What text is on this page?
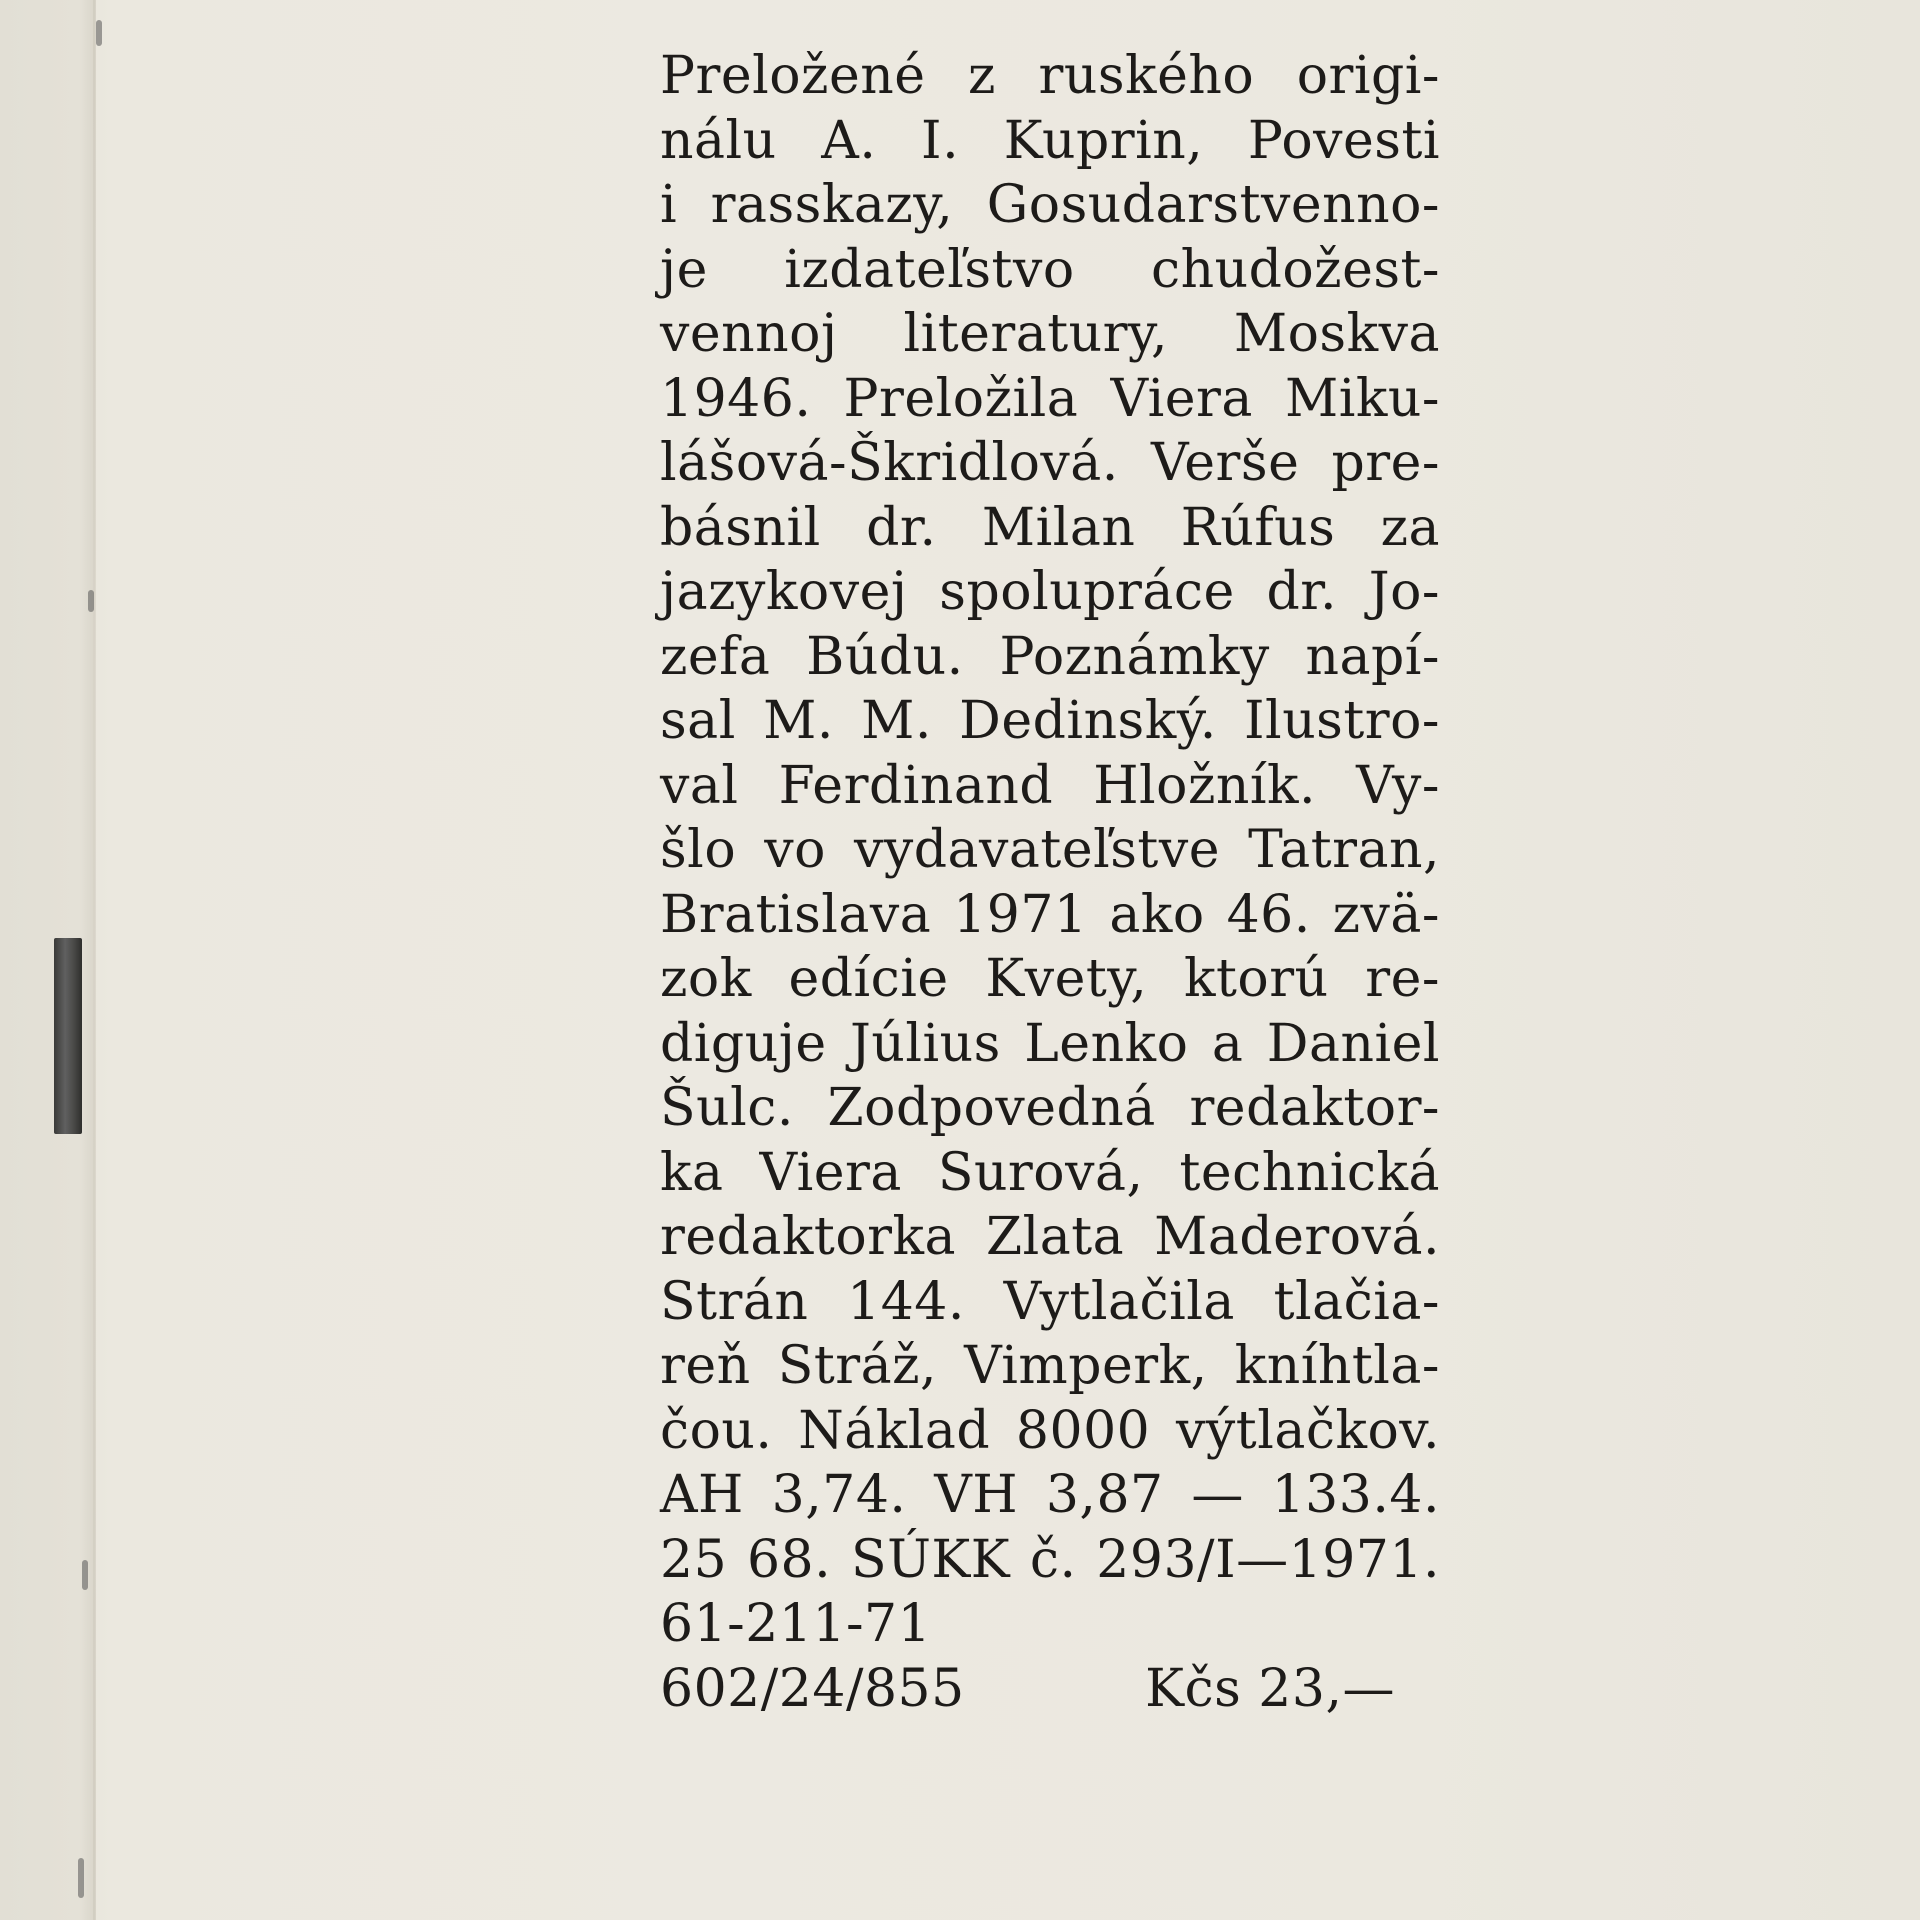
Preložené z ruského origi-
nálu A. I. Kuprin, Povesti
i rasskazy, Gosudarstvenno-
je izdateľstvo chudožest-
vennoj literatury, Moskva
1946. Preložila Viera Miku-
lášová-Škridlová. Verše pre-
básnil dr. Milan Rúfus za
jazykovej spolupráce dr. Jo-
zefa Búdu. Poznámky napí-
sal M. M. Dedinský. Ilustro-
val Ferdinand Hložník. Vy-
šlo vo vydavateľstve Tatran,
Bratislava 1971 ako 46. zvä-
zok edície Kvety, ktorú re-
diguje Július Lenko a Daniel
Šulc. Zodpovedná redaktor-
ka Viera Surová, technická
redaktorka Zlata Maderová.
Strán 144. Vytlačila tlačia-
reň Stráž, Vimperk, kníhtla-
čou. Náklad 8000 výtlačkov.
AH 3,74. VH 3,87 — 133.4.
25 68. SÚKK č. 293/I—1971.
61-211-71
602/24/855	Kčs 23,—
